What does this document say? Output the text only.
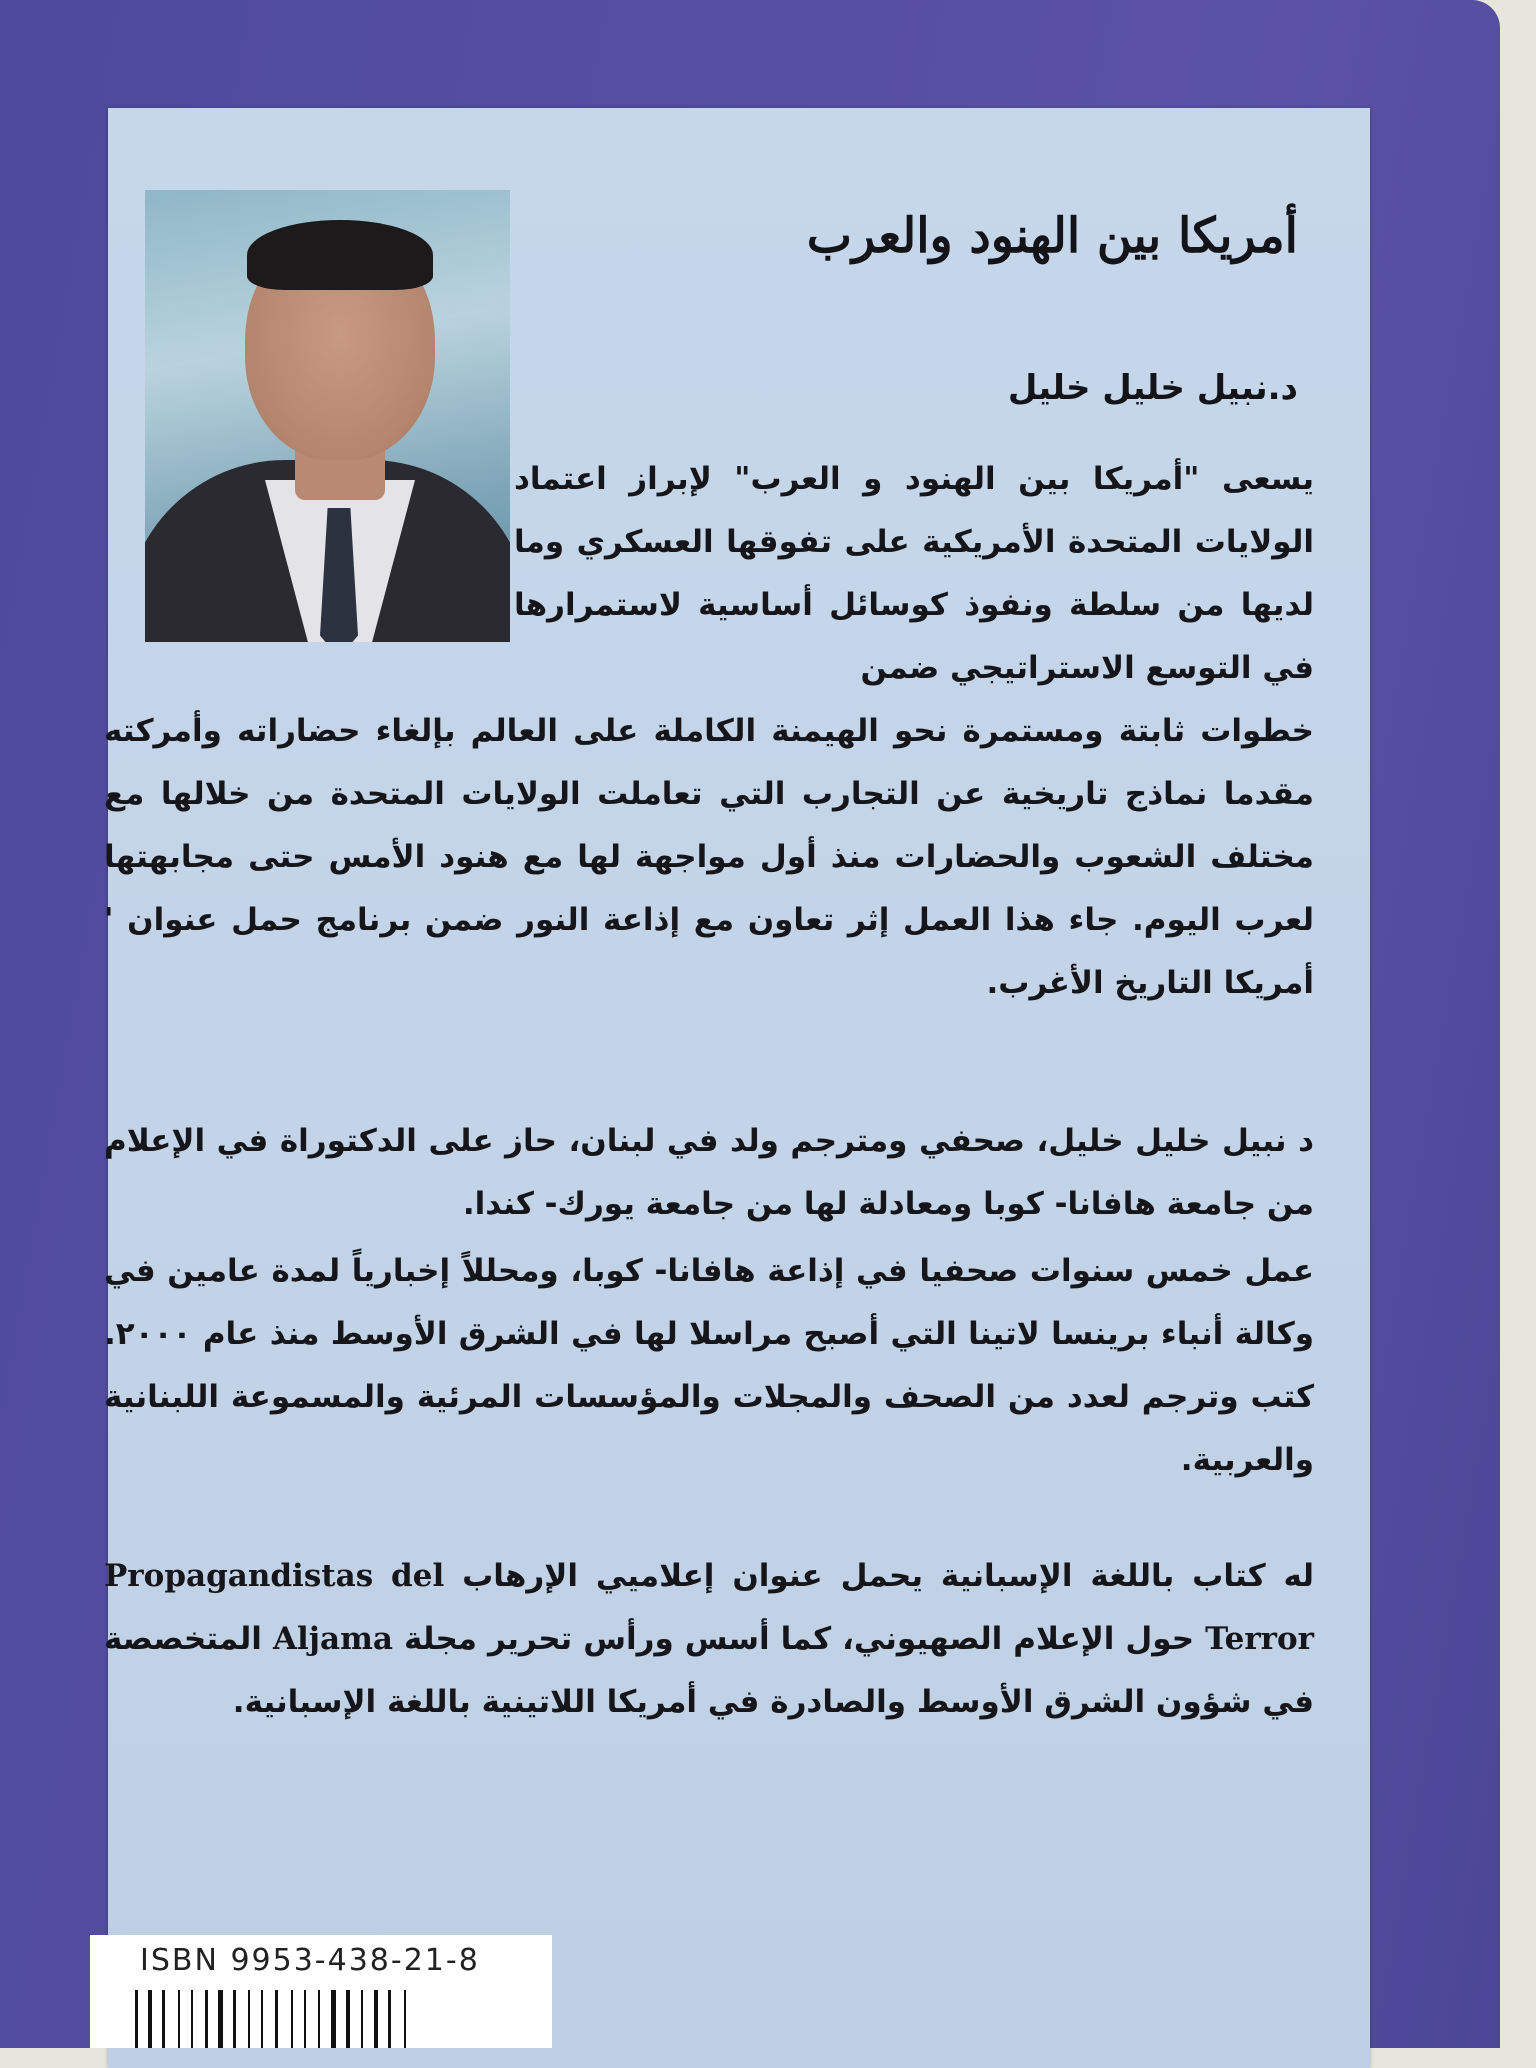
أمريكا بين الهنود والعرب
د.نبيل خليل خليل
يسعى "أمريكا بين الهنود و العرب" لإبراز اعتماد الولايات المتحدة الأمريكية على تفوقها العسكري وما لديها من سلطة ونفوذ كوسائل أساسية لاستمرارها في التوسع الاستراتيجي ضمن
خطوات ثابتة ومستمرة نحو الهيمنة الكاملة على العالم بإلغاء حضاراته وأمركته مقدما نماذج تاريخية عن التجارب التي تعاملت الولايات المتحدة من خلالها مع مختلف الشعوب والحضارات منذ أول مواجهة لها مع هنود الأمس حتى مجابهتها لعرب اليوم. جاء هذا العمل إثر تعاون مع إذاعة النور ضمن برنامج حمل عنوان ' أمريكا التاريخ الأغرب.

د نبيل خليل خليل، صحفي ومترجم ولد في لبنان، حاز على الدكتوراة في الإعلام من جامعة هافانا- كوبا ومعادلة لها من جامعة يورك- كندا.

عمل خمس سنوات صحفيا في إذاعة هافانا- كوبا، ومحللاً إخبارياً لمدة عامين في وكالة أنباء برينسا لاتينا التي أصبح مراسلا لها في الشرق الأوسط منذ عام ٢٠٠٠. كتب وترجم لعدد من الصحف والمجلات والمؤسسات المرئية والمسموعة اللبنانية والعربية.

له كتاب باللغة الإسبانية يحمل عنوان إعلاميي الإرهاب Propagandistas del Terror حول الإعلام الصهيوني، كما أسس ورأس تحرير مجلة Aljama المتخصصة في شؤون الشرق الأوسط والصادرة في أمريكا اللاتينية باللغة الإسبانية.
ISBN 9953-438-21-8
